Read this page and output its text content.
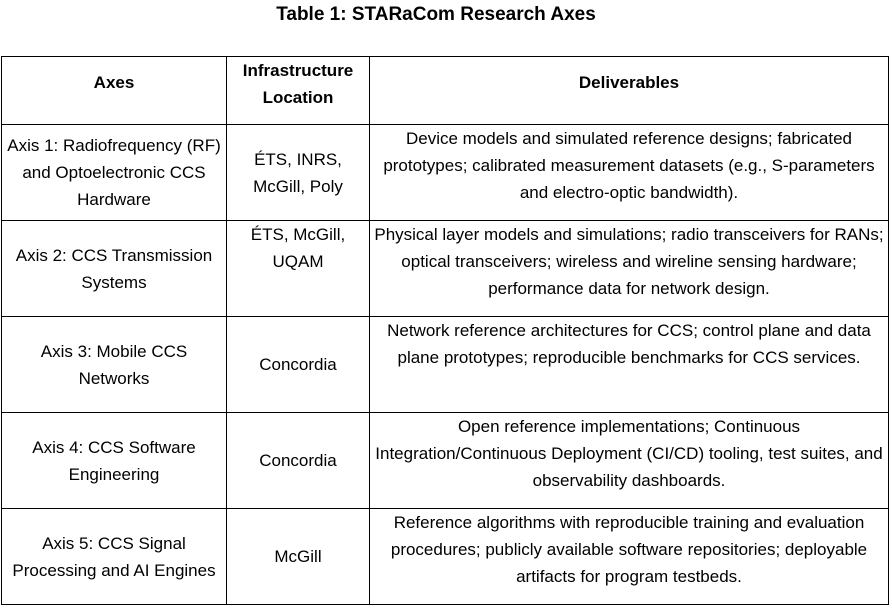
Table 1: STARaCom Research Axes
Axes	Infrastructure Location	Deliverables

Axis 1: Radiofrequency (RF) and Optoelectronic CCS Hardware	ÉTS, INRS, McGill, Poly	Device models and simulated reference designs; fabricated prototypes; calibrated measurement datasets (e.g., S-parameters and electro-optic bandwidth).
Axis 2: CCS Transmission Systems	ÉTS, McGill, UQAM	Physical layer models and simulations; radio transceivers for RANs; optical transceivers; wireless and wireline sensing hardware; performance data for network design.
Axis 3: Mobile CCS Networks	Concordia	Network reference architectures for CCS; control plane and data plane prototypes; reproducible benchmarks for CCS services.
Axis 4: CCS Software Engineering	Concordia	Open reference implementations; Continuous Integration/Continuous Deployment (CI/CD) tooling, test suites, and observability dashboards.
Axis 5: CCS Signal Processing and AI Engines	McGill	Reference algorithms with reproducible training and evaluation procedures; publicly available software repositories; deployable artifacts for program testbeds.
